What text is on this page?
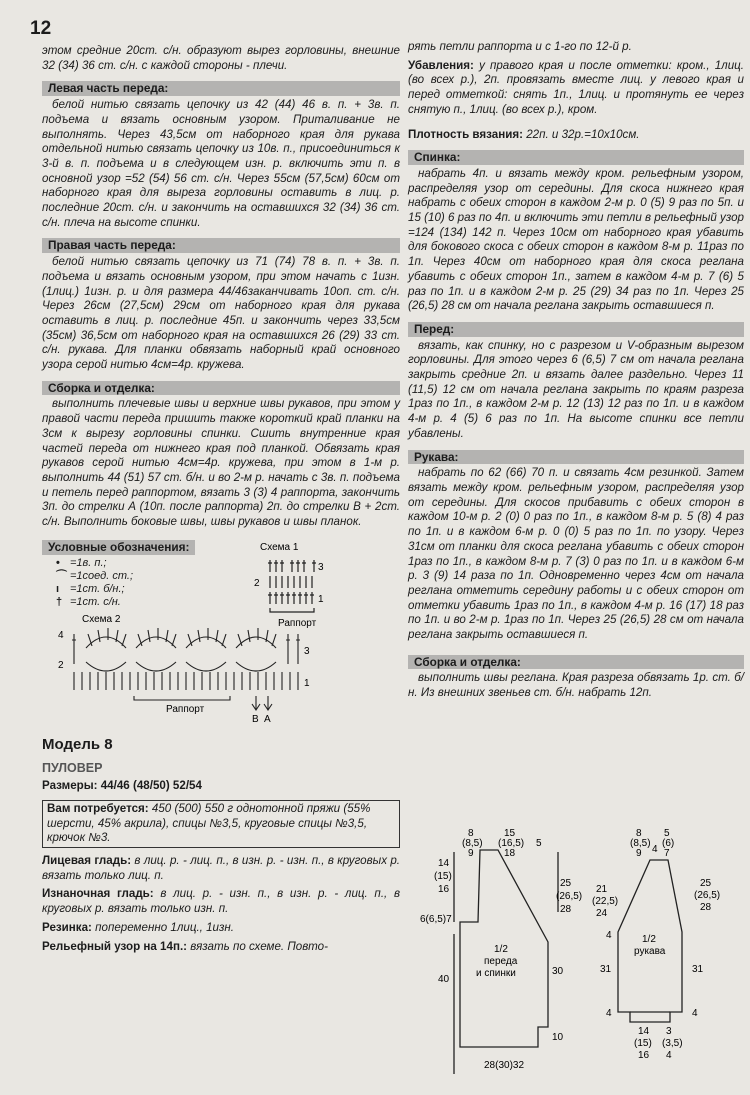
12

этом средние 20ст. с/н. образуют вырез горловины, внешние 32 (34) 36 ст. с/н. с каждой стороны - плечи.

Левая часть переда:

белой нитью связать цепочку из 42 (44) 46 в. п. + 3в. п. подъема и вязать основным узором. Приталивание не выполнять. Через 43,5см от наборного края для рукава отдельной нитью связать цепочку из 10в. п., присоединиться к 3-й в. п. подъема и в следующем изн. р. включить эти п. в основной узор =52 (54) 56 ст. с/н. Через 55см (57,5см) 60см от наборного края для выреза горловины оставить в лиц. р. последние 20ст. с/н. и закончить на оставшихся 32 (34) 36 ст. с/н. плеча на высоте спинки.

Правая часть переда:

белой нитью связать цепочку из 71 (74) 78 в. п. + 3в. п. подъема и вязать основным узором, при этом начать с 1изн. (1лиц.) 1изн. р. и для размера 44/46заканчивать 10оп. ст. с/н. Через 26см (27,5см) 29см от наборного края для рукава оставить в лиц. р. последние 45п. и закончить через 33,5см (35см) 36,5см от наборного края на оставшихся 26 (29) 33 ст. с/н. рукава. Для планки обвязать наборный край основного узора серой нитью 4см=4р. кружева.

Сборка и отделка:

выполнить плечевые швы и верхние швы рукавов, при этом у правой части переда пришить также короткий край планки на 3см к вырезу горловины спинки. Сшить внутренние края частей переда от нижнего края под планкой. Обвязать края рукавов серой нитью 4см=4р. кружева, при этом в 1-м р. выполнить 44 (51) 57 ст. б/н. и во 2-м р. начать с 3в. п. подъема и петель перед раппортом, вязать 3 (3) 4 раппорта, закончить 3п. до стрелки А (10п. после раппорта) 2п. до стрелки В + 2ст. с/н. Выполнить боковые швы, швы рукавов и швы планок.

Условные обозначения:
• =1в. п.;
⌒ =1соед. ст.;
ı =1ст. б/н.;
† =1ст. с/н.
Схема 1
3
2
1
Раппорт
Схема 2
4
3
2
1
Раппорт
B A
Модель 8
ПУЛОВЕР
Размеры: 44/46 (48/50) 52/54
Вам потребуется: 450 (500) 550 г однотонной пряжи (55% шерсти, 45% акрила), спицы №3,5, круговые спицы №3,5, крючок №3.
Лицевая гладь: в лиц. р. - лиц. п., в изн. р. - изн. п., в круговых р. вязать только лиц. п.
Изнаночная гладь: в лиц. р. - изн. п., в изн. р. - лиц. п., в круговых р. вязать только изн. п.
Резинка: попеременно 1лиц., 1изн.
Рельефный узор на 14п.: вязать по схеме. Повто-

рять петли раппорта и с 1-го по 12-й р.

Убавления: у правого края и после отметки: кром., 1лиц. (во всех р.), 2п. провязать вместе лиц. у левого края и перед отметкой: снять 1п., 1лиц. и протянуть ее через снятую п., 1лиц. (во всех р.), кром.

Плотность вязания: 22п. и 32р.=10х10см.

Спинка:

набрать 4п. и вязать между кром. рельефным узором, распределяя узор от середины. Для скоса нижнего края набрать с обеих сторон в каждом 2-м р. 0 (5) 9 раз по 5п. и 15 (10) 6 раз по 4п. и включить эти петли в рельефный узор =124 (134) 142 п. Через 10см от наборного края убавить для бокового скоса с обеих сторон в каждом 8-м р. 11раз по 1п. Через 40см от наборного края для скоса реглана убавить с обеих сторон 1п., затем в каждом 4-м р. 7 (6) 5 раз по 1п. и в каждом 2-м р. 25 (29) 34 раз по 1п. Через 25 (26,5) 28 см от начала реглана закрыть оставшиеся п.

Перед:

вязать, как спинку, но с разрезом и V-образным вырезом горловины. Для этого через 6 (6,5) 7 см от начала реглана закрыть средние 2п. и вязать далее раздельно. Через 11 (11,5) 12 см от начала реглана закрыть по краям разреза 1раз по 1п., в каждом 2-м р. 12 (13) 12 раз по 1п. и в каждом 4-м р. 4 (5) 6 раз по 1п. На высоте спинки все петли убавлены.

Рукава:

набрать по 62 (66) 70 п. и связать 4см резинкой. Затем вязать между кром. рельефным узором, распределяя узор от середины. Для скосов прибавить с обеих сторон в каждом 10-м р. 2 (0) 0 раз по 1п., в каждом 8-м р. 5 (8) 4 раз по 1п. и в каждом 6-м р. 0 (0) 5 раз по 1п. по узору. Через 31см от планки для скоса реглана убавить с обеих сторон 1раз по 1п., в каждом 8-м р. 7 (3) 0 раз по 1п. и в каждом 6-м р. 3 (9) 14 раза по 1п. Одновременно через 4см от начала реглана отметить середину работы и с обеих сторон от отметки убавить 1раз по 1п., в каждом 4-м р. 16 (17) 18 раз по 1п. и во 2-м р. 1раз по 1п. Через 25 (26,5) 28 см от начала реглана закрыть оставшиеся п.

Сборка и отделка:

выполнить швы реглана. Края разреза обвязать 1р. ст. б/н. Из внешних звеньев ст. б/н. набрать 12п.

8
(8,5)
9
15
(16,5)
18
5
14
(15)
16
6(6,5)7
40
25
(26,5)
28
30
10
1/2
переда
и спинки
28(30)32
8
(8,5)
9 4
5
(6)
7
21
(22,5)
24
4
31
4
25
(26,5)
28
31
4
1/2
рукава
14
(15)
16
3
(3,5)
4
